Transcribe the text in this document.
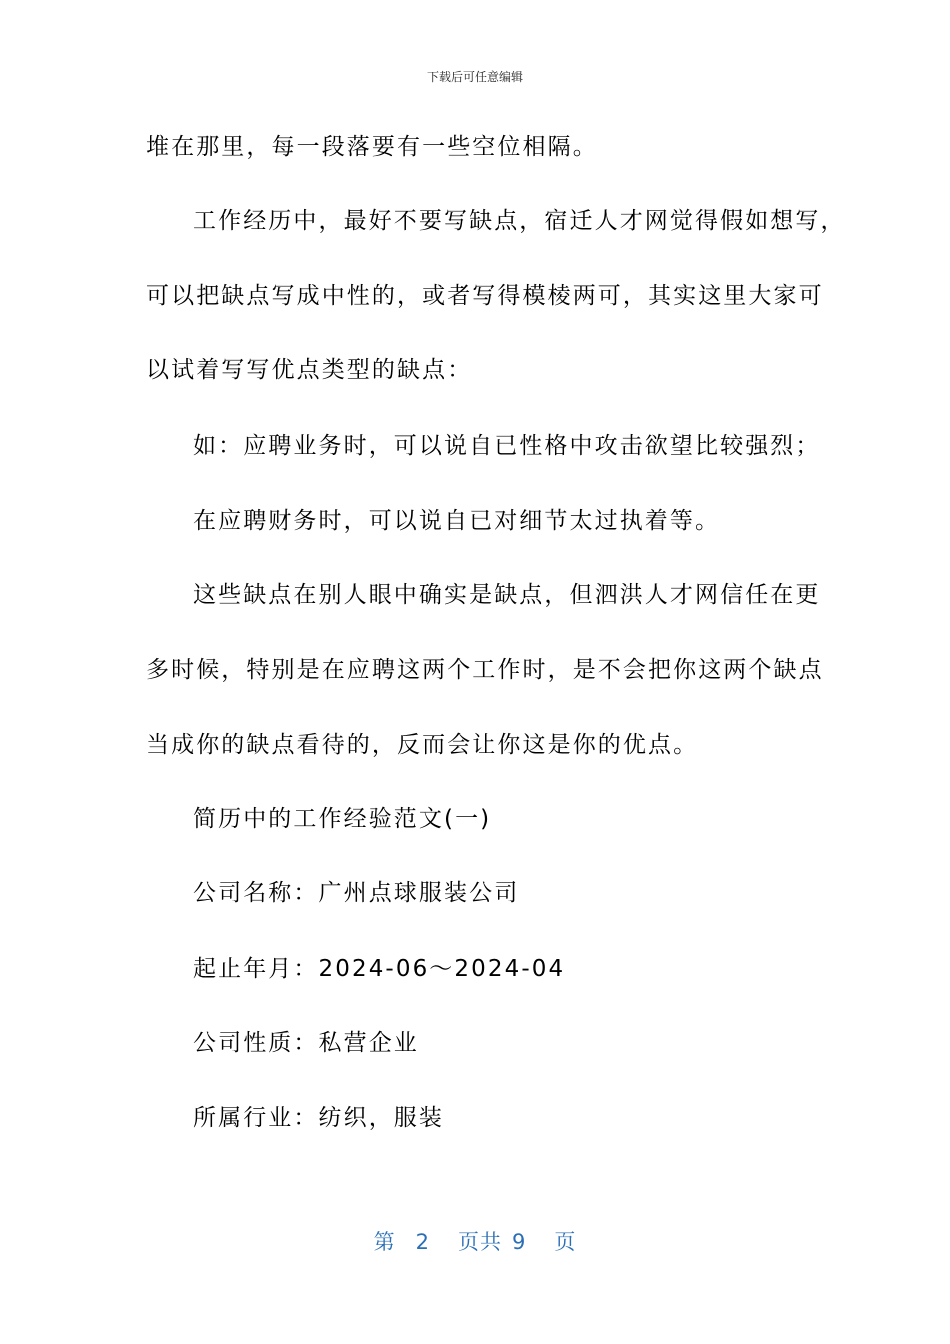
下载后可任意编辑
堆在那里，每一段落要有一些空位相隔。
工作经历中，最好不要写缺点，宿迁人才网觉得假如想写，
可以把缺点写成中性的，或者写得模棱两可，其实这里大家可
以试着写写优点类型的缺点：
如：应聘业务时，可以说自已性格中攻击欲望比较强烈；
在应聘财务时，可以说自已对细节太过执着等。
这些缺点在别人眼中确实是缺点，但泗洪人才网信任在更
多时候，特别是在应聘这两个工作时，是不会把你这两个缺点
当成你的缺点看待的，反而会让你这是你的优点。
简历中的工作经验范文(一)
公司名称：广州点球服装公司
起止年月：2024-06～2024-04
公司性质：私营企业
所属行业：纺织，服装
第 2 页共 9 页
